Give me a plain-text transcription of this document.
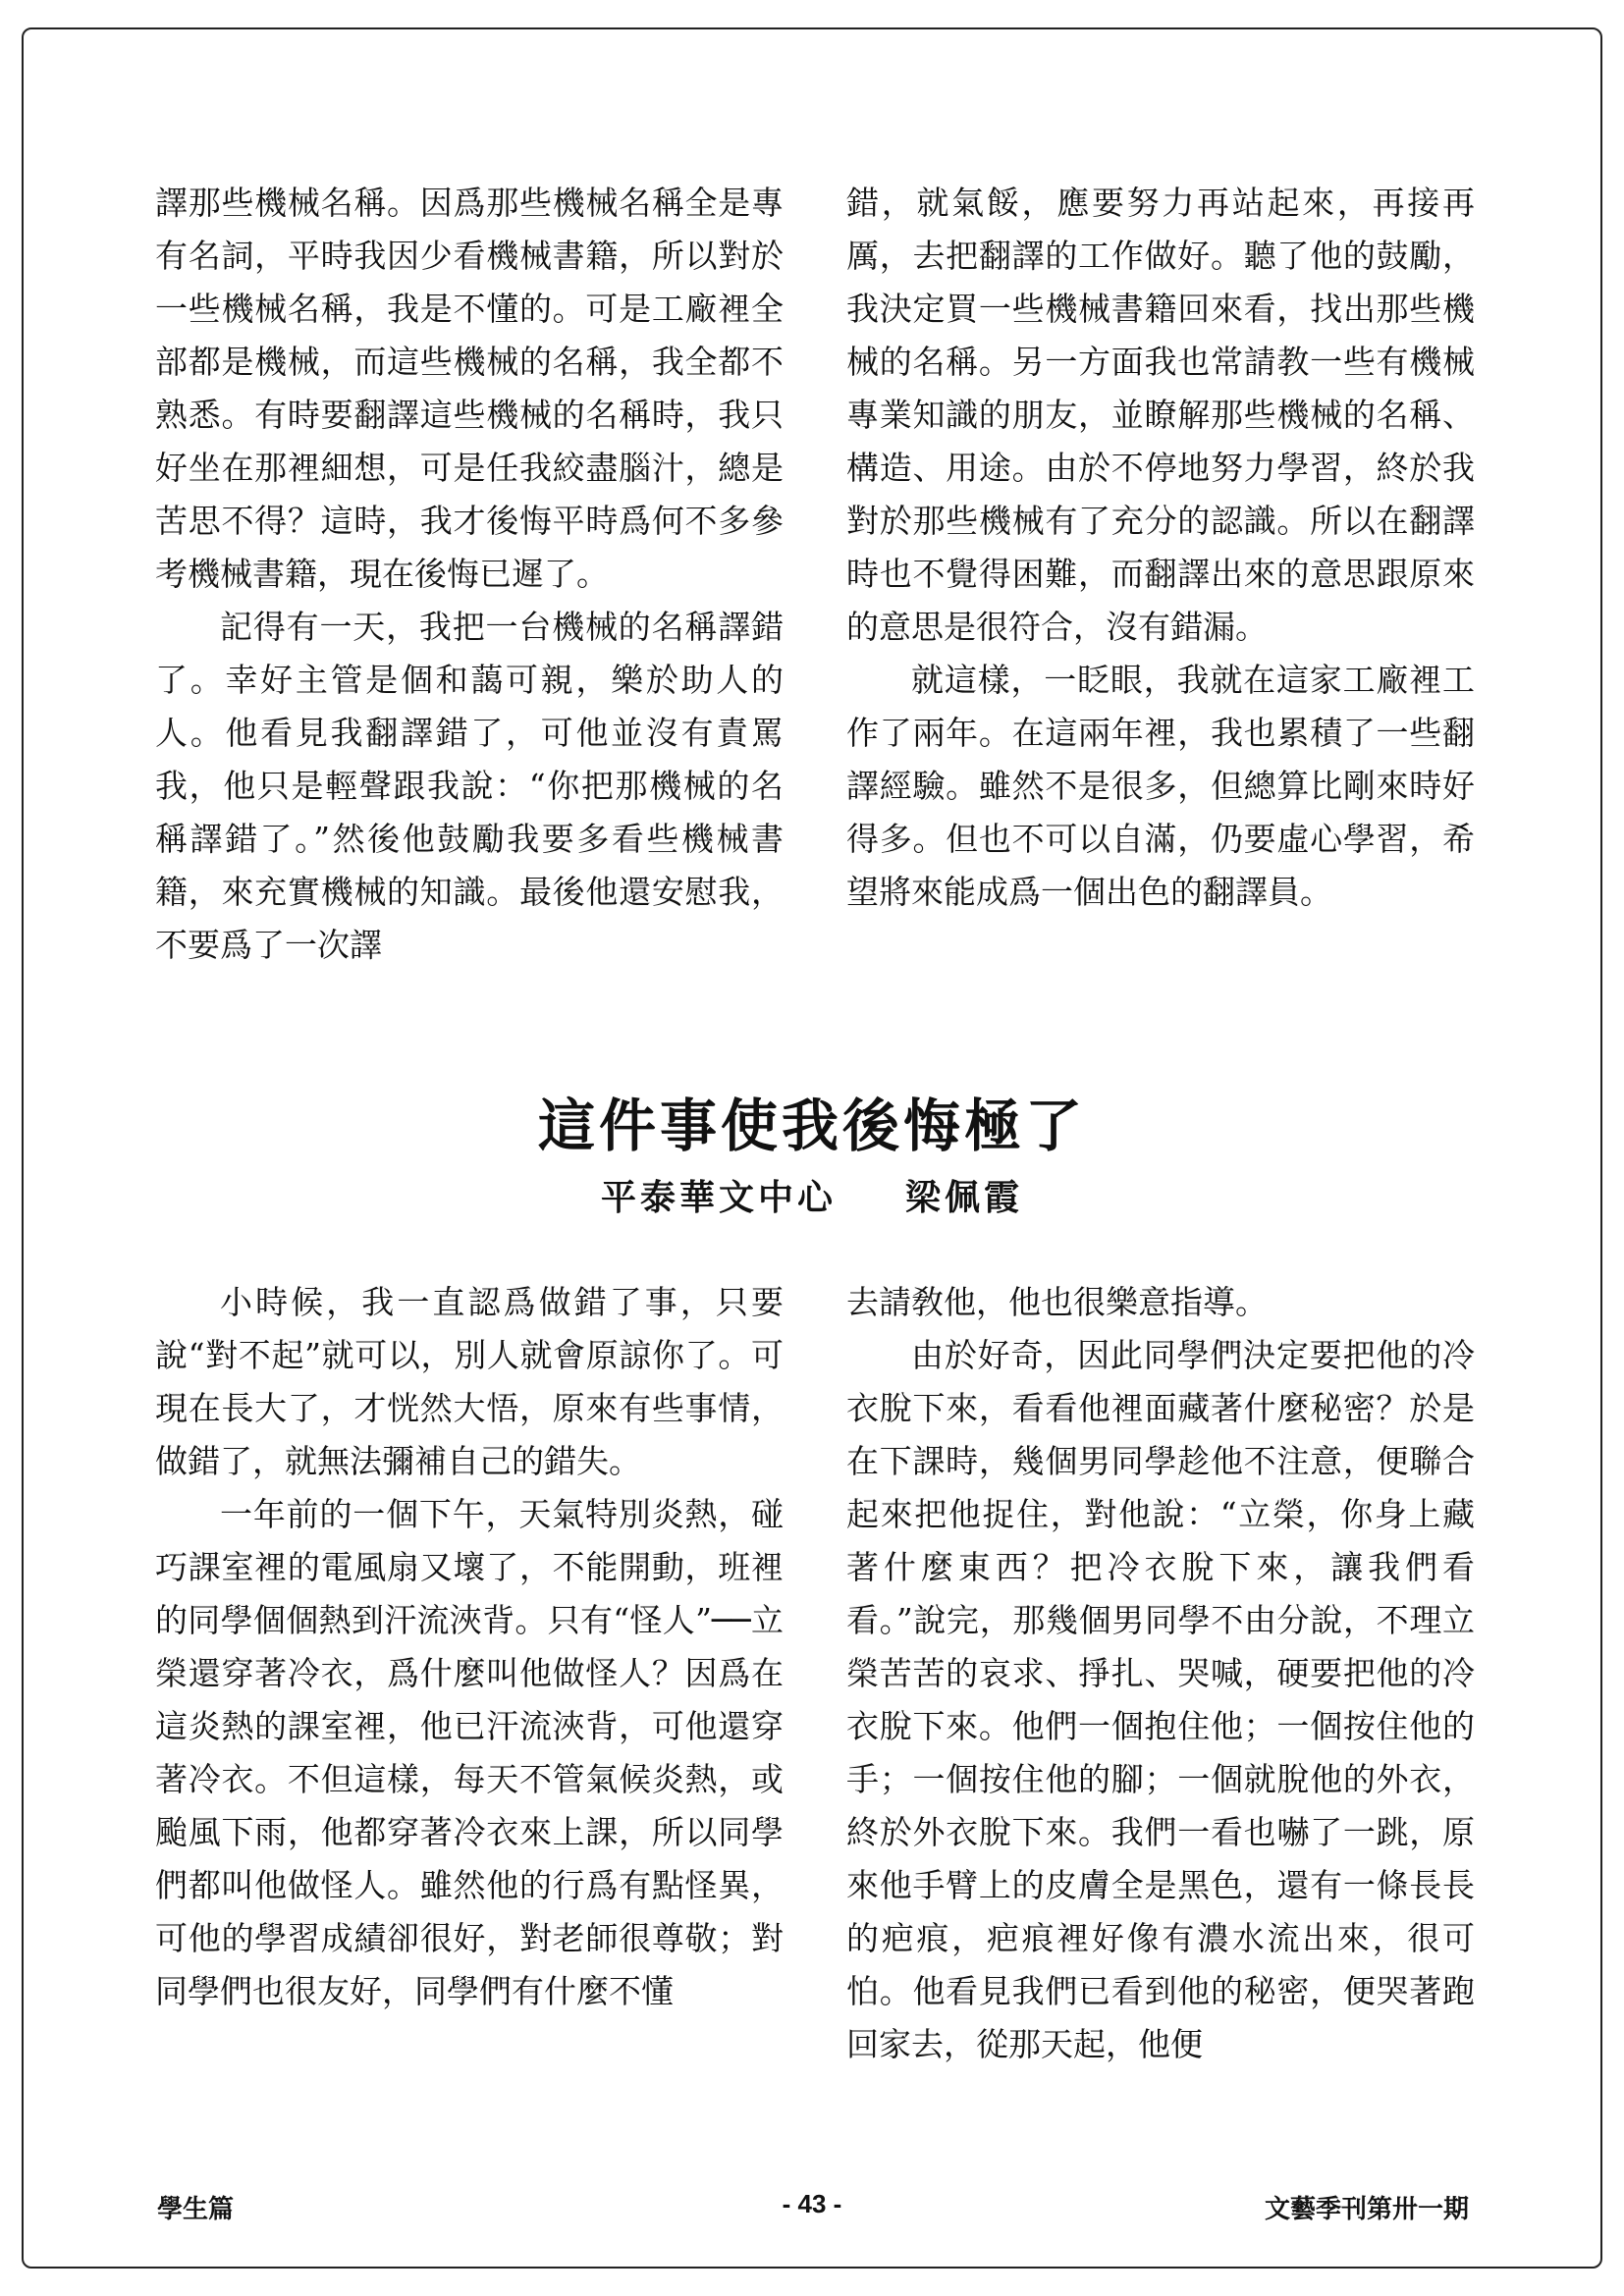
譯那些機械名稱。因爲那些機械名稱全是專有名詞，平時我因少看機械書籍，所以對於一些機械名稱，我是不懂的。可是工廠裡全部都是機械，而這些機械的名稱，我全都不熟悉。有時要翻譯這些機械的名稱時，我只好坐在那裡細想，可是任我絞盡腦汁，總是苦思不得？這時，我才後悔平時爲何不多參考機械書籍，現在後悔已遲了。

記得有一天，我把一台機械的名稱譯錯了。幸好主管是個和藹可親，樂於助人的人。他看見我翻譯錯了，可他並沒有責罵我，他只是輕聲跟我說：“你把那機械的名稱譯錯了。”然後他鼓勵我要多看些機械書籍，來充實機械的知識。最後他還安慰我，不要爲了一次譯

錯，就氣餒，應要努力再站起來，再接再厲，去把翻譯的工作做好。聽了他的鼓勵，我決定買一些機械書籍回來看，找出那些機械的名稱。另一方面我也常請教一些有機械專業知識的朋友，並瞭解那些機械的名稱、構造、用途。由於不停地努力學習，終於我對於那些機械有了充分的認識。所以在翻譯時也不覺得困難，而翻譯出來的意思跟原來的意思是很符合，沒有錯漏。

就這樣，一眨眼，我就在這家工廠裡工作了兩年。在這兩年裡，我也累積了一些翻譯經驗。雖然不是很多，但總算比剛來時好得多。但也不可以自滿，仍要虛心學習，希望將來能成爲一個出色的翻譯員。

這件事使我後悔極了

平泰華文中心 梁佩霞

小時候，我一直認爲做錯了事，只要說“對不起”就可以，別人就會原諒你了。可現在長大了，才恍然大悟，原來有些事情，做錯了，就無法彌補自己的錯失。

一年前的一個下午，天氣特別炎熱，碰巧課室裡的電風扇又壞了，不能開動，班裡的同學個個熱到汗流浹背。只有“怪人”──立榮還穿著冷衣，爲什麼叫他做怪人？因爲在這炎熱的課室裡，他已汗流浹背，可他還穿著冷衣。不但這樣，每天不管氣候炎熱，或颱風下雨，他都穿著冷衣來上課，所以同學們都叫他做怪人。雖然他的行爲有點怪異，可他的學習成績卻很好，對老師很尊敬；對同學們也很友好，同學們有什麼不懂

去請敎他，他也很樂意指導。

由於好奇，因此同學們決定要把他的冷衣脫下來，看看他裡面藏著什麼秘密？於是在下課時，幾個男同學趁他不注意，便聯合起來把他捉住，對他說：“立榮，你身上藏著什麼東西？把冷衣脫下來，讓我們看看。”說完，那幾個男同學不由分說，不理立榮苦苦的哀求、掙扎、哭喊，硬要把他的冷衣脫下來。他們一個抱住他；一個按住他的手；一個按住他的腳；一個就脫他的外衣，終於外衣脫下來。我們一看也嚇了一跳，原來他手臂上的皮膚全是黑色，還有一條長長的疤痕，疤痕裡好像有濃水流出來，很可怕。他看見我們已看到他的秘密，便哭著跑回家去，從那天起，他便

學生篇	- 43 -	文藝季刊第卅一期
